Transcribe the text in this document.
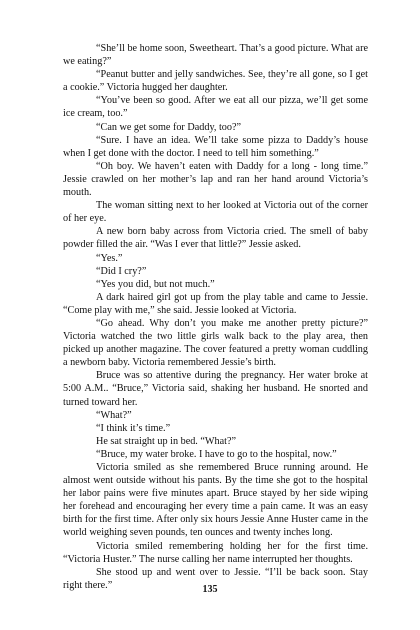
“She’ll be home soon, Sweetheart. That’s a good picture. What are we eating?”

“Peanut butter and jelly sandwiches. See, they’re all gone, so I get a cookie.” Victoria hugged her daughter.

“You’ve been so good. After we eat all our pizza, we’ll get some ice cream, too.”

“Can we get some for Daddy, too?”

“Sure. I have an idea. We’ll take some pizza to Daddy’s house when I get done with the doctor. I need to tell him something.”

“Oh boy. We haven’t eaten with Daddy for a long - long time.” Jessie crawled on her mother’s lap and ran her hand around Victoria’s mouth.

The woman sitting next to her looked at Victoria out of the corner of her eye.

A new born baby across from Victoria cried. The smell of baby powder filled the air. “Was I ever that little?” Jessie asked.

“Yes.”

“Did I cry?”

“Yes you did, but not much.”

A dark haired girl got up from the play table and came to Jessie. “Come play with me,” she said. Jessie looked at Victoria.

“Go ahead. Why don’t you make me another pretty picture?” Victoria watched the two little girls walk back to the play area, then picked up another magazine. The cover featured a pretty woman cuddling a newborn baby. Victoria remembered Jessie’s birth.

Bruce was so attentive during the pregnancy. Her water broke at 5:00 A.M.. “Bruce,” Victoria said, shaking her husband. He snorted and turned toward her.

“What?”

“I think it’s time.”

He sat straight up in bed. “What?”

“Bruce, my water broke. I have to go to the hospital, now.”

Victoria smiled as she remembered Bruce running around. He almost went outside without his pants. By the time she got to the hospital her labor pains were five minutes apart. Bruce stayed by her side wiping her forehead and encouraging her every time a pain came. It was an easy birth for the first time. After only six hours Jessie Anne Huster came in the world weighing seven pounds, ten ounces and twenty inches long.

Victoria smiled remembering holding her for the first time. “Victoria Huster.” The nurse calling her name interrupted her thoughts.

She stood up and went over to Jessie. “I’ll be back soon. Stay right there.”	135
